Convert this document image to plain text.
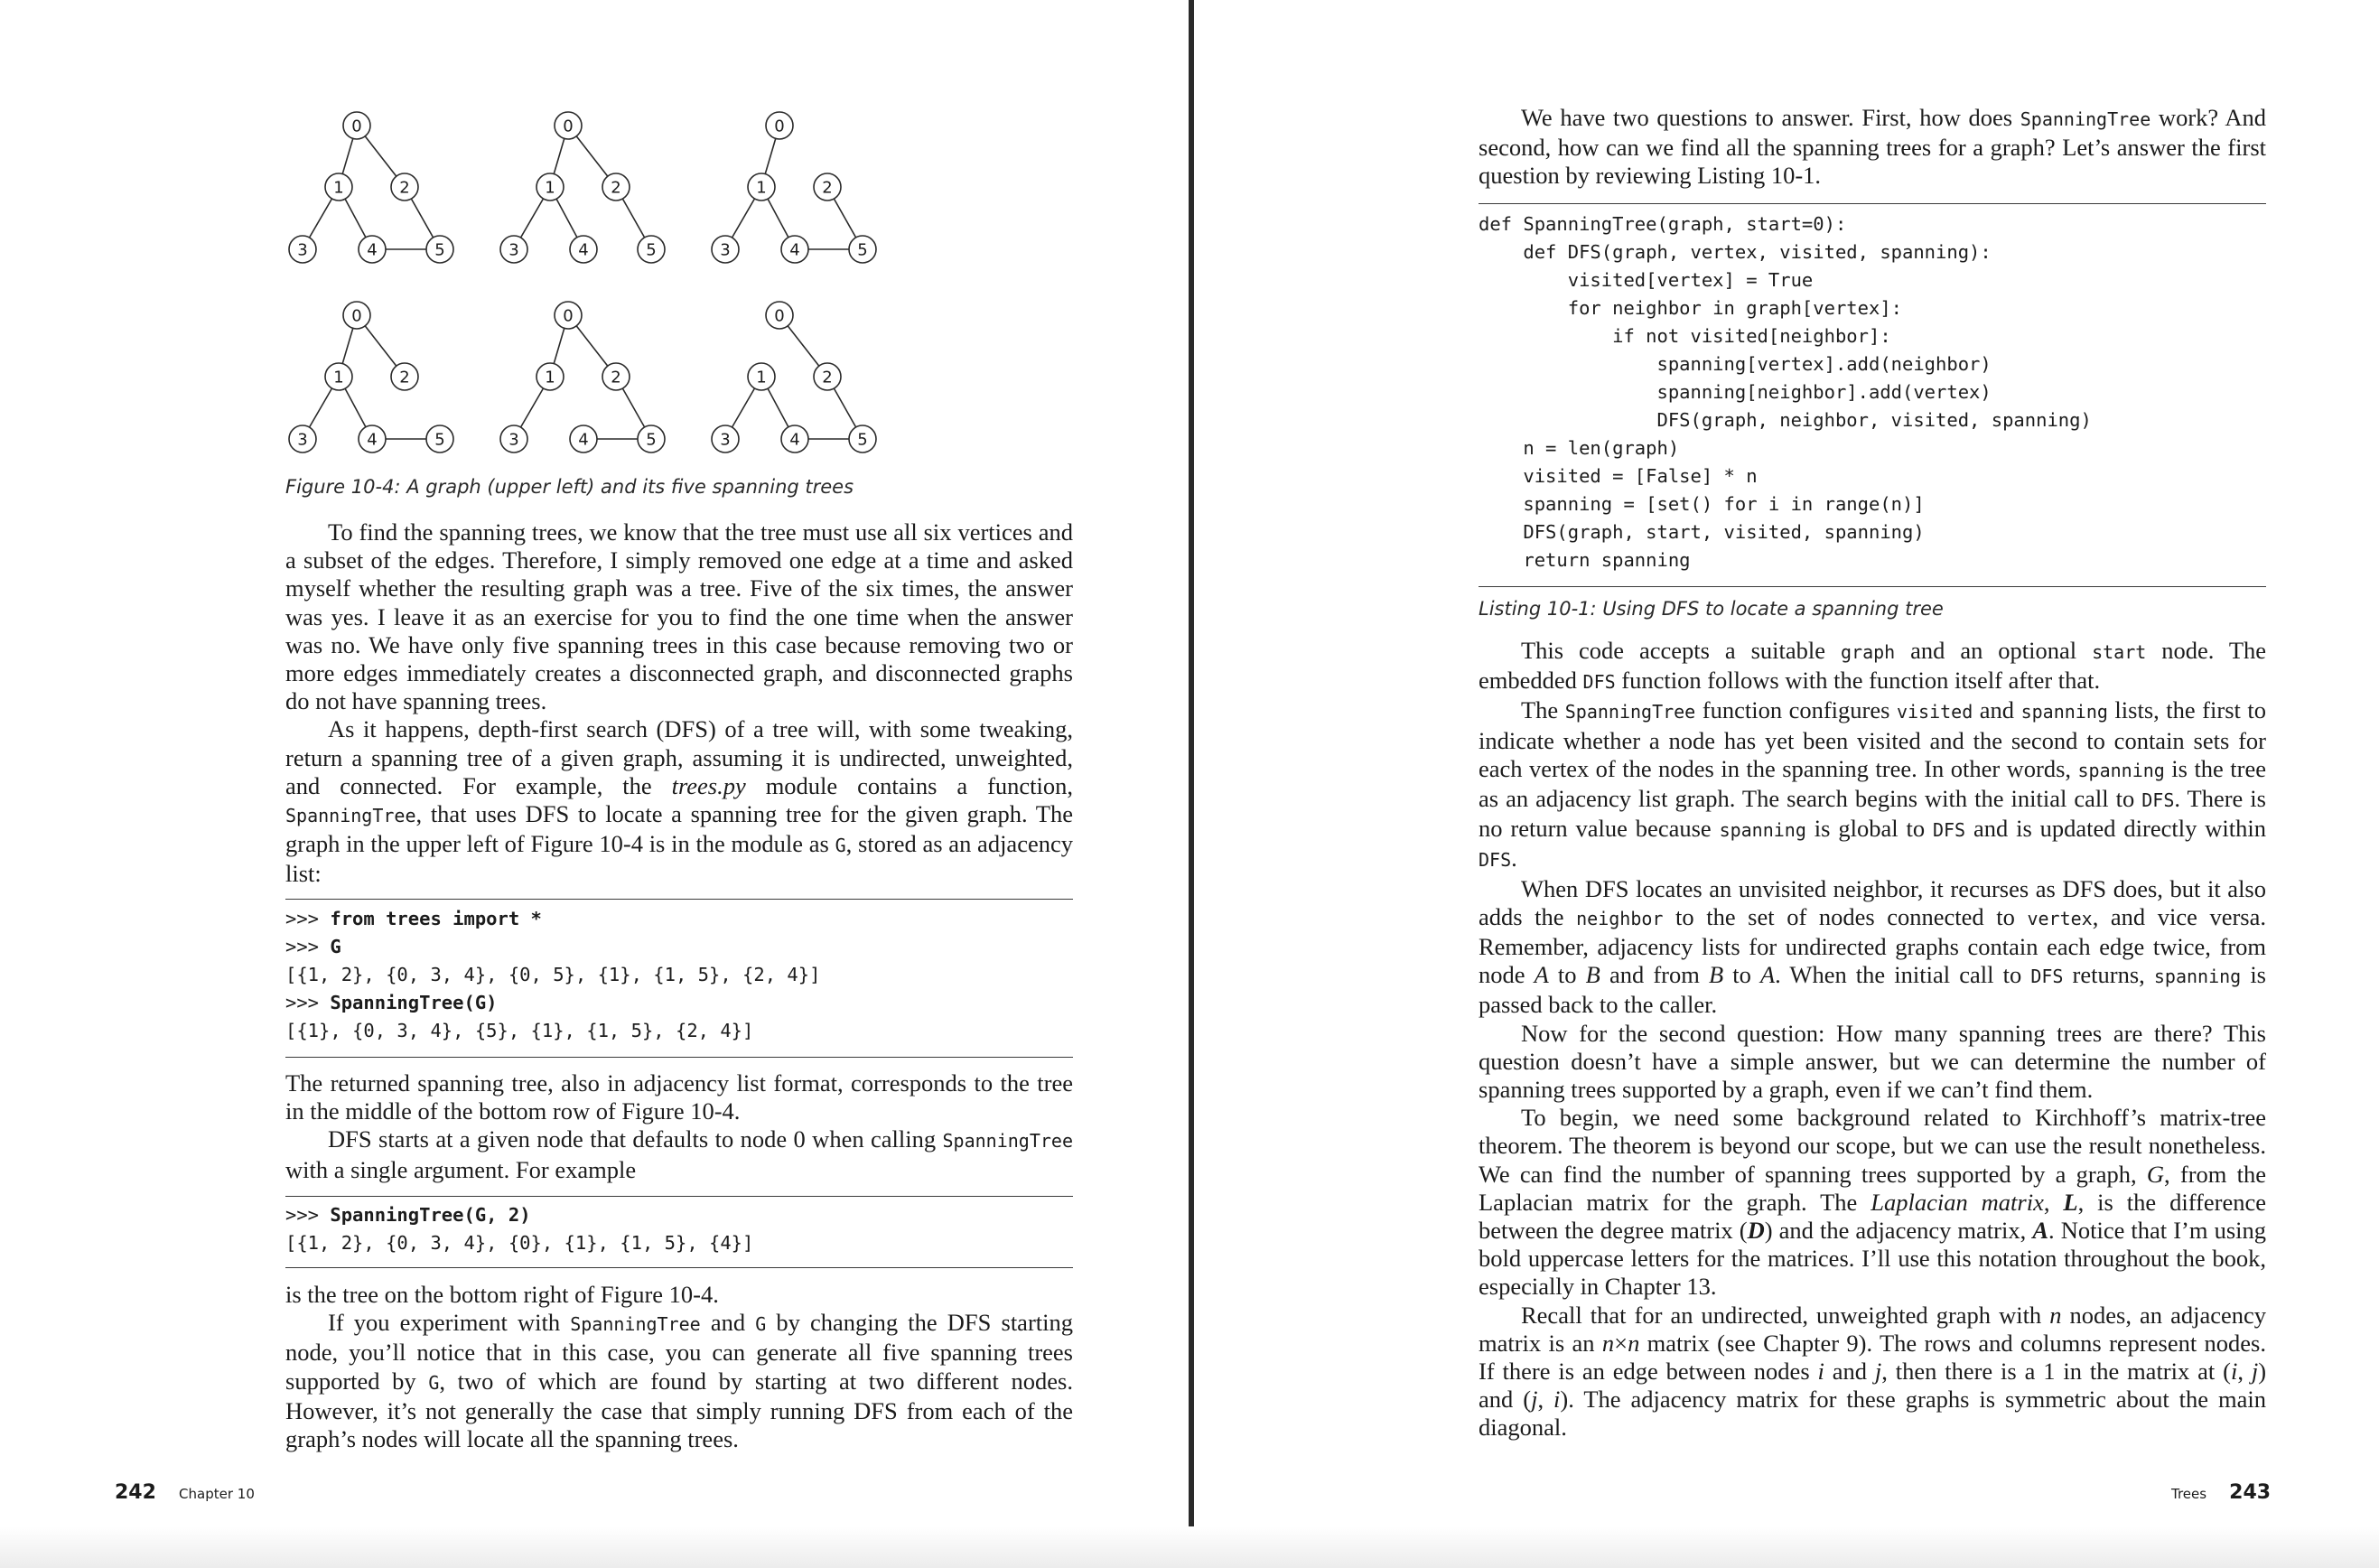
0
1	2
3	4	5
0
1	2
3	4	5
0
1	2
3	4	5
0
1	2
3	4	5
0
1	2
3	4	5
0
1	2
3	4	5
Figure 10-4: A graph (upper left) and its five spanning trees

To find the spanning trees, we know that the tree must use all six vertices and a subset of the edges. Therefore, I simply removed one edge at a time and asked myself whether the resulting graph was a tree. Five of the six times, the answer was yes. I leave it as an exercise for you to find the one time when the answer was no. We have only five spanning trees in this case because removing two or more edges immediately creates a disconnected graph, and disconnected graphs do not have spanning trees.

As it happens, depth-first search (DFS) of a tree will, with some tweaking, return a spanning tree of a given graph, assuming it is undirected, unweighted, and connected. For example, the trees.py module contains a function, SpanningTree, that uses DFS to locate a spanning tree for the given graph. The graph in the upper left of Figure 10-4 is in the module as G, stored as an adjacency list:

>>> from trees import *
>>> G
[{1, 2}, {0, 3, 4}, {0, 5}, {1}, {1, 5}, {2, 4}]
>>> SpanningTree(G)
[{1}, {0, 3, 4}, {5}, {1}, {1, 5}, {2, 4}]

The returned spanning tree, also in adjacency list format, corresponds to the tree in the middle of the bottom row of Figure 10-4.

DFS starts at a given node that defaults to node 0 when calling SpanningTree with a single argument. For example

>>> SpanningTree(G, 2)
[{1, 2}, {0, 3, 4}, {0}, {1}, {1, 5}, {4}]

is the tree on the bottom right of Figure 10-4.

If you experiment with SpanningTree and G by changing the DFS starting node, you’ll notice that in this case, you can generate all five spanning trees supported by G, two of which are found by starting at two different nodes. However, it’s not generally the case that simply running DFS from each of the graph’s nodes will locate all the spanning trees.

242 Chapter 10

We have two questions to answer. First, how does SpanningTree work? And second, how can we find all the spanning trees for a graph? Let’s answer the first question by reviewing Listing 10-1.

def SpanningTree(graph, start=0):
def DFS(graph, vertex, visited, spanning):
visited[vertex] = True
for neighbor in graph[vertex]:
if not visited[neighbor]:
spanning[vertex].add(neighbor)
spanning[neighbor].add(vertex)
DFS(graph, neighbor, visited, spanning)
n = len(graph)
visited = [False] * n
spanning = [set() for i in range(n)]
DFS(graph, start, visited, spanning)
return spanning
Listing 10-1: Using DFS to locate a spanning tree

This code accepts a suitable graph and an optional start node. The embedded DFS function follows with the function itself after that.

The SpanningTree function configures visited and spanning lists, the first to indicate whether a node has yet been visited and the second to contain sets for each vertex of the nodes in the spanning tree. In other words, spanning is the tree as an adjacency list graph. The search begins with the initial call to DFS. There is no return value because spanning is global to DFS and is updated directly within DFS.

When DFS locates an unvisited neighbor, it recurses as DFS does, but it also adds the neighbor to the set of nodes connected to vertex, and vice versa. Remember, adjacency lists for undirected graphs contain each edge twice, from node A to B and from B to A. When the initial call to DFS returns, spanning is passed back to the caller.

Now for the second question: How many spanning trees are there? This question doesn’t have a simple answer, but we can determine the number of spanning trees supported by a graph, even if we can’t find them.

To begin, we need some background related to Kirchhoff’s matrix-tree theorem. The theorem is beyond our scope, but we can use the result nonetheless. We can find the number of spanning trees supported by a graph, G, from the Laplacian matrix for the graph. The Laplacian matrix, L, is the difference between the degree matrix (D) and the adjacency matrix, A. Notice that I’m using bold uppercase letters for the matrices. I’ll use this notation throughout the book, especially in Chapter 13.

Recall that for an undirected, unweighted graph with n nodes, an adjacency matrix is an n×n matrix (see Chapter 9). The rows and columns represent nodes. If there is an edge between nodes i and j, then there is a 1 in the matrix at (i, j) and (j, i). The adjacency matrix for these graphs is symmetric about the main diagonal.

Trees 243
